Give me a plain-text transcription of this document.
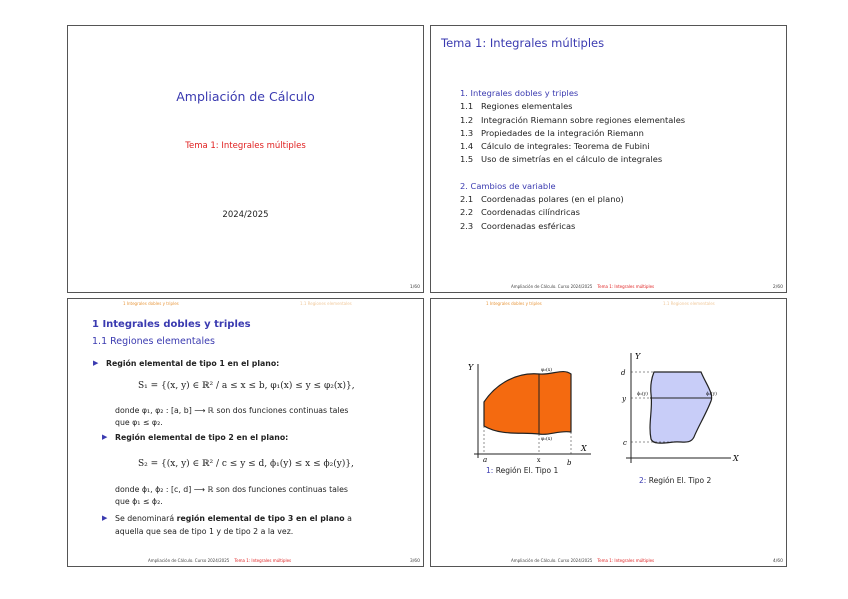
Ampliación de Cálculo
Tema 1: Integrales múltiples
2024/2025
1/60
Tema 1: Integrales múltiples
1. Integrales dobles y triples
1.1 Regiones elementales
1.2 Integración Riemann sobre regiones elementales
1.3 Propiedades de la integración Riemann
1.4 Cálculo de integrales: Teorema de Fubini
1.5 Uso de simetrías en el cálculo de integrales
2. Cambios de variable
2.1 Coordenadas polares (en el plano)
2.2 Coordenadas cilíndricas
2.3 Coordenadas esféricas
Ampliación de Cálculo. Curso 2024/2025 Tema 1: Integrales múltiples	2/60
1 Integrales dobles y triples	1.1 Regiones elementales
1 Integrales dobles y triples
1.1 Regiones elementales
▶ Región elemental de tipo 1 en el plano:
S₁ = {(x, y) ∈ ℝ² / a ≤ x ≤ b, φ₁(x) ≤ y ≤ φ₂(x)},
donde φ₁, φ₂ : [a, b] ⟶ ℝ son dos funciones continuas tales
que φ₁ ≤ φ₂.
▶ Región elemental de tipo 2 en el plano:
S₂ = {(x, y) ∈ ℝ² / c ≤ y ≤ d, ϕ₁(y) ≤ x ≤ ϕ₂(y)},
donde ϕ₁, ϕ₂ : [c, d] ⟶ ℝ son dos funciones continuas tales
que ϕ₁ ≤ ϕ₂.
▶ Se denominará región elemental de tipo 3 en el plano a
aquella que sea de tipo 1 y de tipo 2 a la vez.
Ampliación de Cálculo. Curso 2024/2025 Tema 1: Integrales múltiples	3/60
1 Integrales dobles y triples	1.1 Regiones elementales
Y
X
a	x	b
φ₂(x)
φ₁(x)
1: Región El. Tipo 1
Y
X
d
y
c
ϕ₁(y)	ϕ₂(y)
2: Región El. Tipo 2
Ampliación de Cálculo. Curso 2024/2025 Tema 1: Integrales múltiples	4/60
